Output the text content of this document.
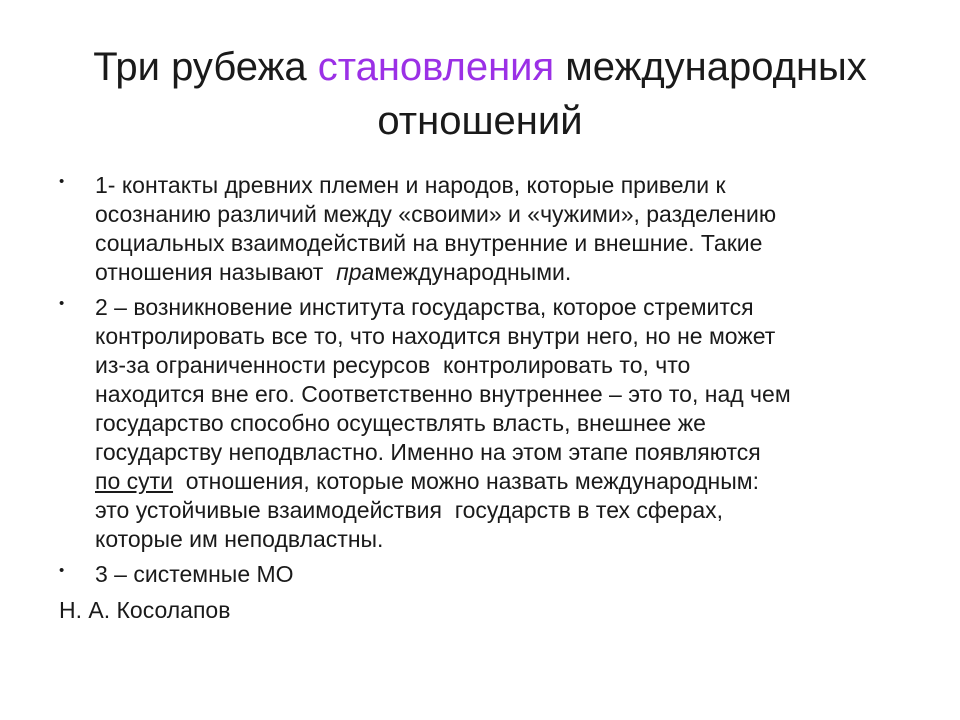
Три рубежа становления международных
отношений
• 1- контакты древних племен и народов, которые привели к
осознанию различий между «своими» и «чужими», разделению
социальных взаимодействий на внутренние и внешние. Такие
отношения называют  прамеждународными.
• 2 – возникновение института государства, которое стремится
контролировать все то, что находится внутри него, но не может
из-за ограниченности ресурсов  контролировать то, что
находится вне его. Соответственно внутреннее – это то, над чем
государство способно осуществлять власть, внешнее же
государству неподвластно. Именно на этом этапе появляются
по сути  отношения, которые можно назвать международным:
это устойчивые взаимодействия  государств в тех сферах,
которые им неподвластны.
• 3 – системные МО
Н. А. Косолапов
